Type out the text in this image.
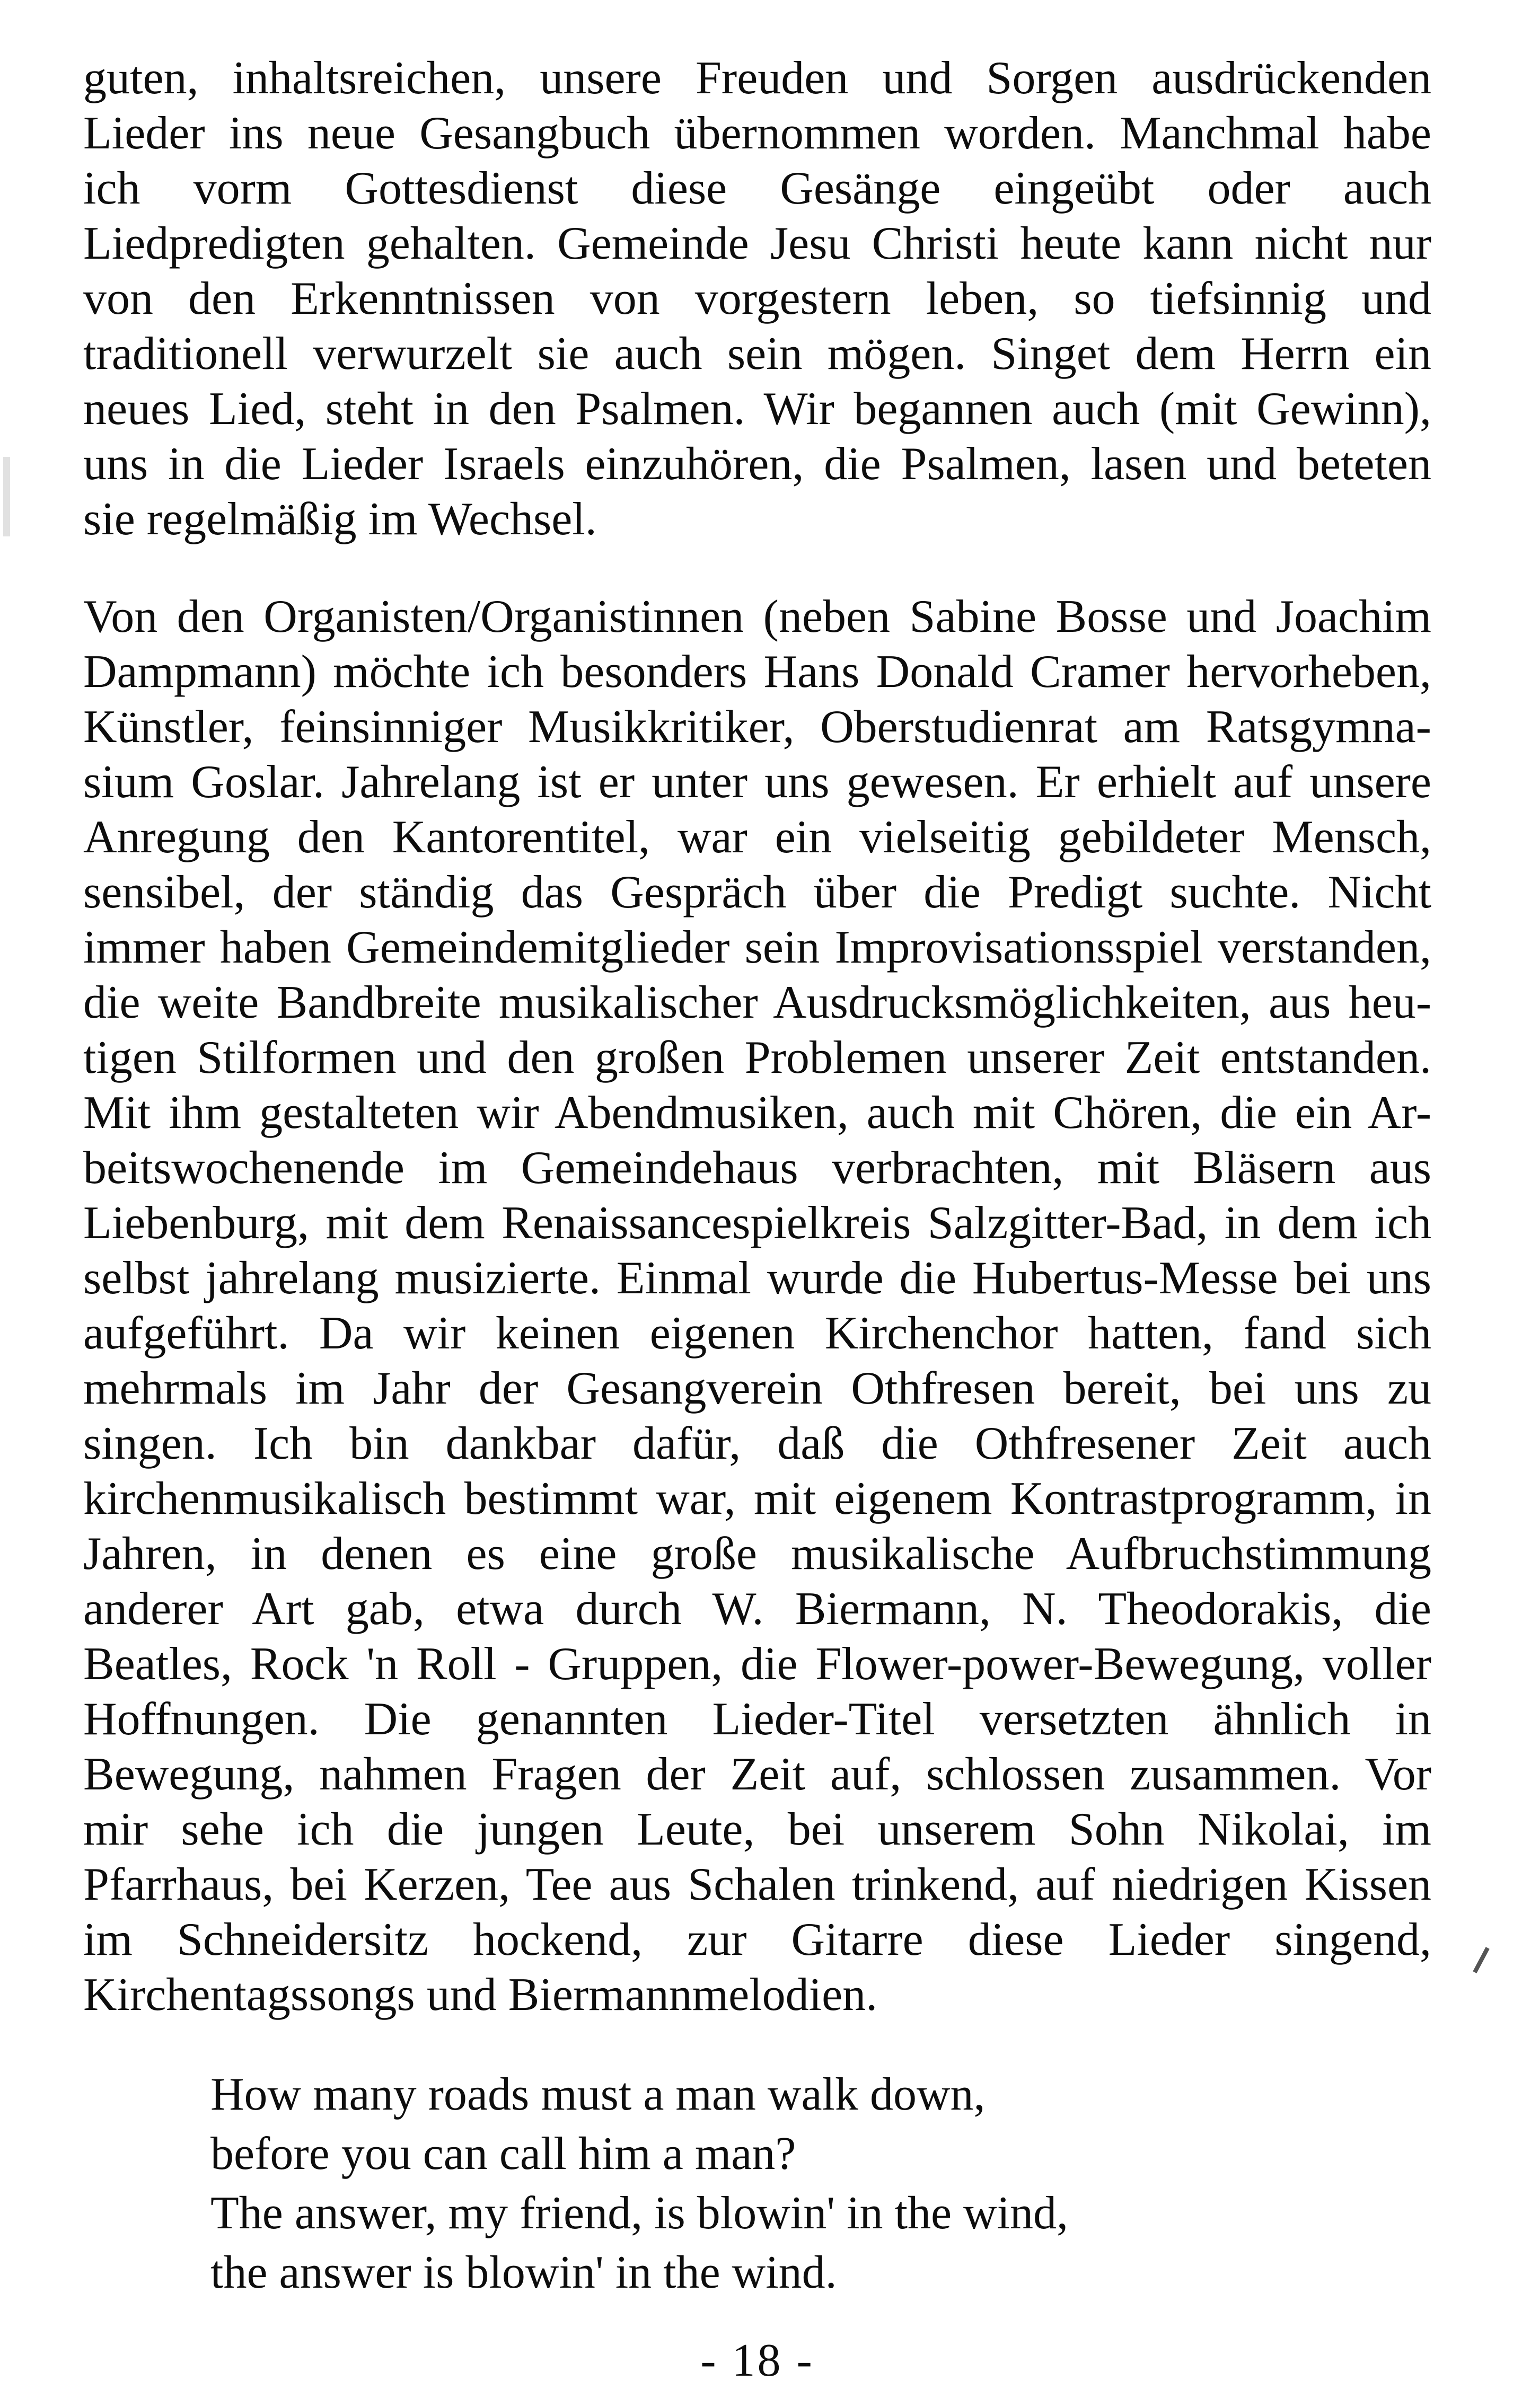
guten, inhaltsreichen, unsere Freuden und Sorgen ausdrückenden
Lieder ins neue Gesangbuch übernommen worden. Manchmal habe
ich vorm Gottesdienst diese Gesänge eingeübt oder auch
Liedpredigten gehalten. Gemeinde Jesu Christi heute kann nicht nur
von den Erkenntnissen von vorgestern leben, so tiefsinnig und
traditionell verwurzelt sie auch sein mögen. Singet dem Herrn ein
neues Lied, steht in den Psalmen. Wir begannen auch (mit Gewinn),
uns in die Lieder Israels einzuhören, die Psalmen, lasen und beteten
sie regelmäßig im Wechsel.
Von den Organisten/Organistinnen (neben Sabine Bosse und Joachim
Dampmann) möchte ich besonders Hans Donald Cramer hervorheben,
Künstler, feinsinniger Musikkritiker, Oberstudienrat am Ratsgymna-
sium Goslar. Jahrelang ist er unter uns gewesen. Er erhielt auf unsere
Anregung den Kantorentitel, war ein vielseitig gebildeter Mensch,
sensibel, der ständig das Gespräch über die Predigt suchte. Nicht
immer haben Gemeindemitglieder sein Improvisationsspiel verstanden,
die weite Bandbreite musikalischer Ausdrucksmöglichkeiten, aus heu-
tigen Stilformen und den großen Problemen unserer Zeit entstanden.
Mit ihm gestalteten wir Abendmusiken, auch mit Chören, die ein Ar-
beitswochenende im Gemeindehaus verbrachten, mit Bläsern aus
Liebenburg, mit dem Renaissancespielkreis Salzgitter-Bad, in dem ich
selbst jahrelang musizierte. Einmal wurde die Hubertus-Messe bei uns
aufgeführt. Da wir keinen eigenen Kirchenchor hatten, fand sich
mehrmals im Jahr der Gesangverein Othfresen bereit, bei uns zu
singen. Ich bin dankbar dafür, daß die Othfresener Zeit auch
kirchenmusikalisch bestimmt war, mit eigenem Kontrastprogramm, in
Jahren, in denen es eine große musikalische Aufbruchstimmung
anderer Art gab, etwa durch W. Biermann, N. Theodorakis, die
Beatles, Rock 'n Roll - Gruppen, die Flower-power-Bewegung, voller
Hoffnungen. Die genannten Lieder-Titel versetzten ähnlich in
Bewegung, nahmen Fragen der Zeit auf, schlossen zusammen. Vor
mir sehe ich die jungen Leute, bei unserem Sohn Nikolai, im
Pfarrhaus, bei Kerzen, Tee aus Schalen trinkend, auf niedrigen Kissen
im Schneidersitz hockend, zur Gitarre diese Lieder singend,
Kirchentagssongs und Biermannmelodien.
How many roads must a man walk down,
before you can call him a man?
The answer, my friend, is blowin' in the wind,
the answer is blowin' in the wind.
- 18 -
